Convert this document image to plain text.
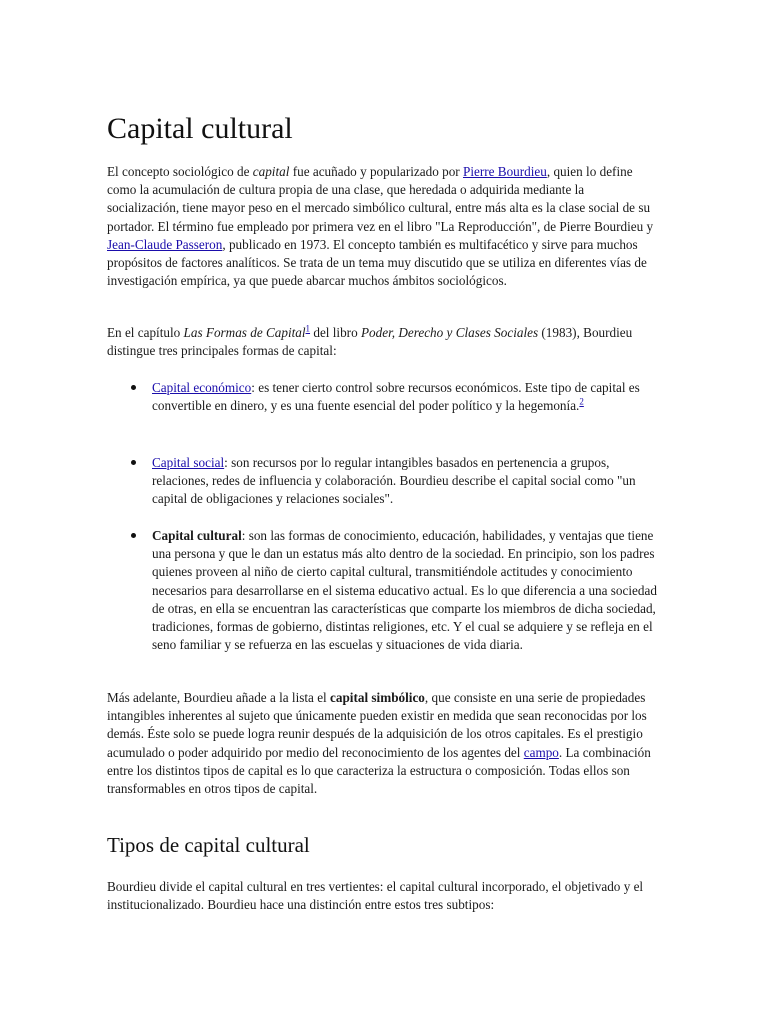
Capital cultural

El concepto sociológico de capital fue acuñado y popularizado por Pierre Bourdieu, quien lo define como la acumulación de cultura propia de una clase, que heredada o adquirida mediante la socialización, tiene mayor peso en el mercado simbólico cultural, entre más alta es la clase social de su portador. El término fue empleado por primera vez en el libro "La Reproducción", de Pierre Bourdieu y Jean-Claude Passeron, publicado en 1973. El concepto también es multifacético y sirve para muchos propósitos de factores analíticos. Se trata de un tema muy discutido que se utiliza en diferentes vías de investigación empírica, ya que puede abarcar muchos ámbitos sociológicos.

En el capítulo Las Formas de Capital$^1$ del libro Poder, Derecho y Clases Sociales (1983), Bourdieu distingue tres principales formas de capital:

Capital económico: es tener cierto control sobre recursos económicos. Este tipo de capital es convertible en dinero, y es una fuente esencial del poder político y la hegemonía.$^2$
Capital social: son recursos por lo regular intangibles basados en pertenencia a grupos, relaciones, redes de influencia y colaboración. Bourdieu describe el capital social como "un capital de obligaciones y relaciones sociales".
Capital cultural: son las formas de conocimiento, educación, habilidades, y ventajas que tiene una persona y que le dan un estatus más alto dentro de la sociedad. En principio, son los padres quienes proveen al niño de cierto capital cultural, transmitiéndole actitudes y conocimiento necesarios para desarrollarse en el sistema educativo actual. Es lo que diferencia a una sociedad de otras, en ella se encuentran las características que comparte los miembros de dicha sociedad, tradiciones, formas de gobierno, distintas religiones, etc. Y el cual se adquiere y se refleja en el seno familiar y se refuerza en las escuelas y situaciones de vida diaria.

Más adelante, Bourdieu añade a la lista el capital simbólico, que consiste en una serie de propiedades intangibles inherentes al sujeto que únicamente pueden existir en medida que sean reconocidas por los demás. Éste solo se puede logra reunir después de la adquisición de los otros capitales. Es el prestigio acumulado o poder adquirido por medio del reconocimiento de los agentes del campo. La combinación entre los distintos tipos de capital es lo que caracteriza la estructura o composición. Todas ellos son transformables en otros tipos de capital.

Tipos de capital cultural

Bourdieu divide el capital cultural en tres vertientes: el capital cultural incorporado, el objetivado y el institucionalizado. Bourdieu hace una distinción entre estos tres subtipos:
